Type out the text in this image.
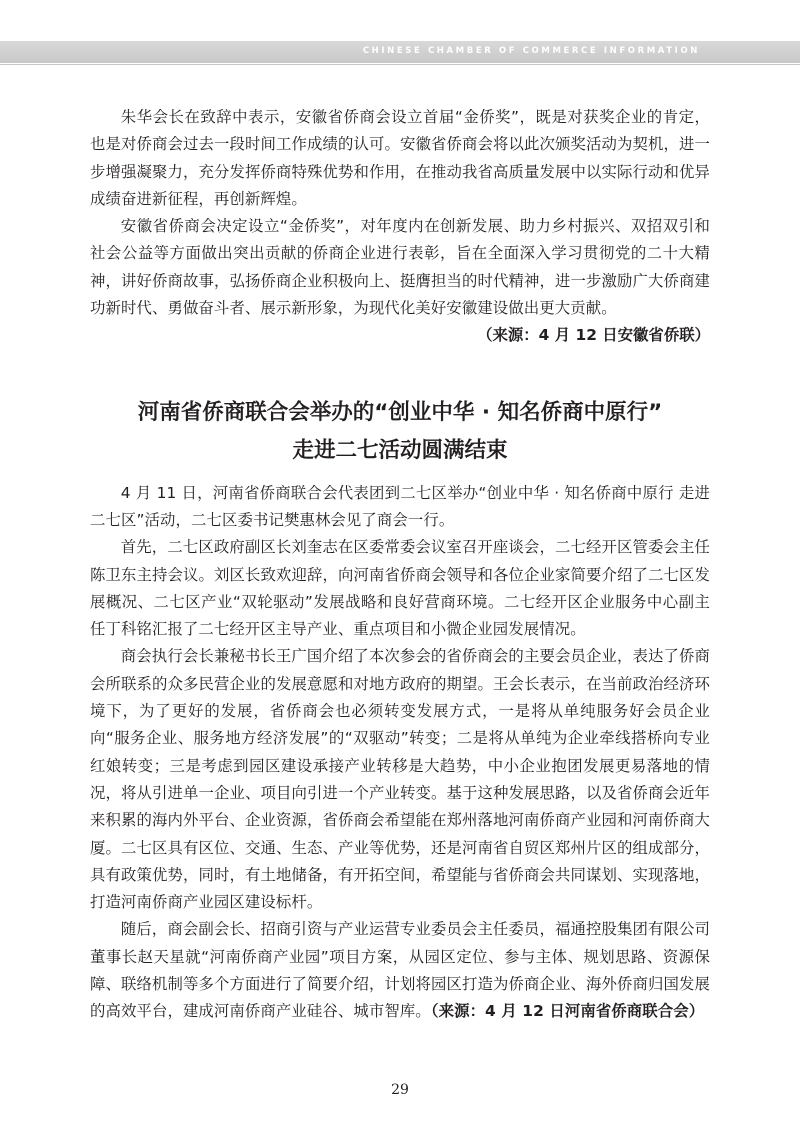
CHINESE CHAMBER OF COMMERCE INFORMATION

朱华会长在致辞中表示，安徽省侨商会设立首届“金侨奖”，既是对获奖企业的肯定，也是对侨商会过去一段时间工作成绩的认可。安徽省侨商会将以此次颁奖活动为契机，进一步增强凝聚力，充分发挥侨商特殊优势和作用，在推动我省高质量发展中以实际行动和优异成绩奋进新征程，再创新辉煌。

安徽省侨商会决定设立“金侨奖”，对年度内在创新发展、助力乡村振兴、双招双引和社会公益等方面做出突出贡献的侨商企业进行表彰，旨在全面深入学习贯彻党的二十大精神，讲好侨商故事，弘扬侨商企业积极向上、挺膺担当的时代精神，进一步激励广大侨商建功新时代、勇做奋斗者、展示新形象，为现代化美好安徽建设做出更大贡献。

（来源：4 月 12 日安徽省侨联）

河南省侨商联合会举办的“创业中华 · 知名侨商中原行”
走进二七活动圆满结束

4 月 11 日，河南省侨商联合会代表团到二七区举办“创业中华 · 知名侨商中原行 走进二七区”活动，二七区委书记樊惠林会见了商会一行。

首先，二七区政府副区长刘奎志在区委常委会议室召开座谈会，二七经开区管委会主任陈卫东主持会议。刘区长致欢迎辞，向河南省侨商会领导和各位企业家简要介绍了二七区发展概况、二七区产业“双轮驱动”发展战略和良好营商环境。二七经开区企业服务中心副主任丁科铭汇报了二七经开区主导产业、重点项目和小微企业园发展情况。

商会执行会长兼秘书长王广国介绍了本次参会的省侨商会的主要会员企业，表达了侨商会所联系的众多民营企业的发展意愿和对地方政府的期望。王会长表示，在当前政治经济环境下，为了更好的发展，省侨商会也必须转变发展方式，一是将从单纯服务好会员企业向“服务企业、服务地方经济发展”的“双驱动”转变；二是将从单纯为企业牵线搭桥向专业红娘转变；三是考虑到园区建设承接产业转移是大趋势，中小企业抱团发展更易落地的情况，将从引进单一企业、项目向引进一个产业转变。基于这种发展思路，以及省侨商会近年来积累的海内外平台、企业资源，省侨商会希望能在郑州落地河南侨商产业园和河南侨商大厦。二七区具有区位、交通、生态、产业等优势，还是河南省自贸区郑州片区的组成部分，具有政策优势，同时，有土地储备，有开拓空间，希望能与省侨商会共同谋划、实现落地，打造河南侨商产业园区建设标杆。

随后，商会副会长、招商引资与产业运营专业委员会主任委员，福通控股集团有限公司董事长赵天星就“河南侨商产业园”项目方案，从园区定位、参与主体、规划思路、资源保障、联络机制等多个方面进行了简要介绍，计划将园区打造为侨商企业、海外侨商归国发展的高效平台，建成河南侨商产业硅谷、城市智库。（来源：4 月 12 日河南省侨商联合会）

29
